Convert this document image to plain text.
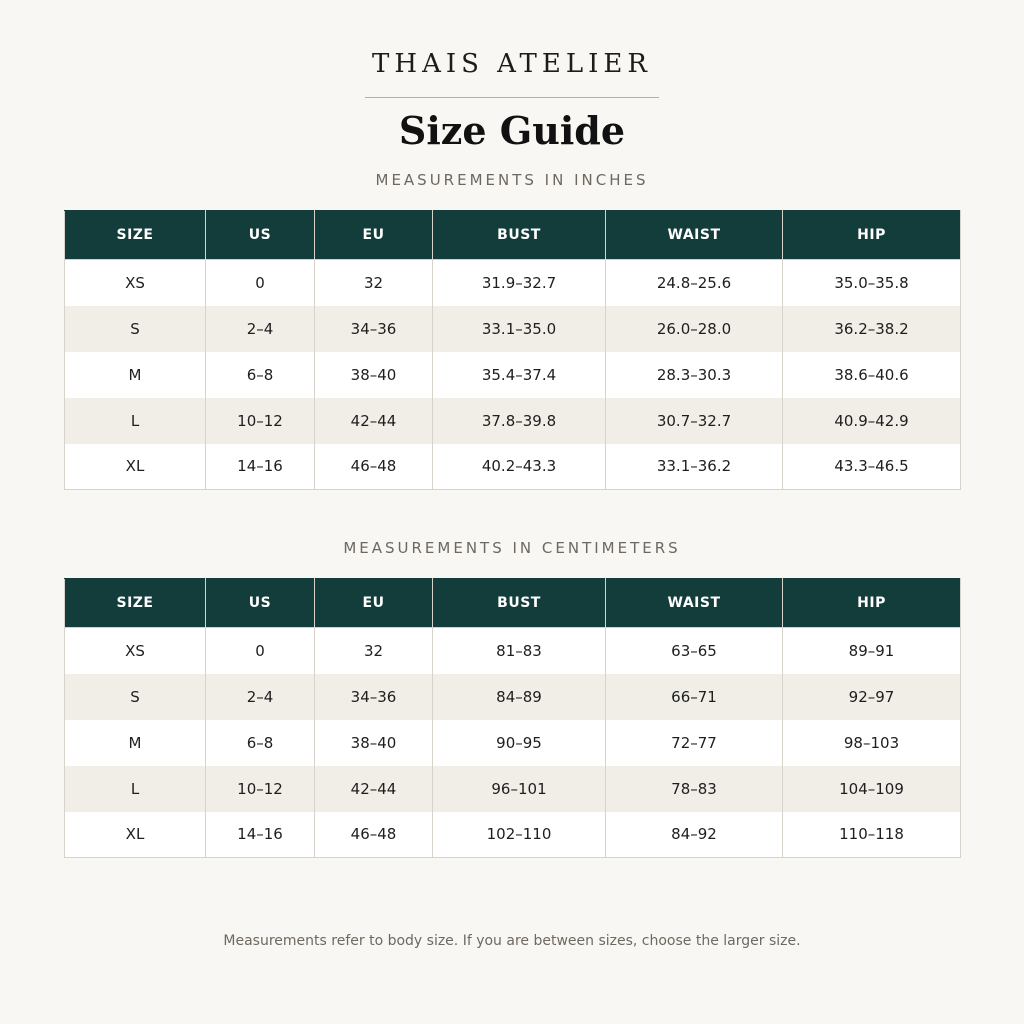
THAIS ATELIER
Size Guide
MEASUREMENTS IN INCHES
SIZE	US	EU	BUST	WAIST	HIP
XS	0	32	31.9–32.7	24.8–25.6	35.0–35.8
S	2–4	34–36	33.1–35.0	26.0–28.0	36.2–38.2
M	6–8	38–40	35.4–37.4	28.3–30.3	38.6–40.6
L	10–12	42–44	37.8–39.8	30.7–32.7	40.9–42.9
XL	14–16	46–48	40.2–43.3	33.1–36.2	43.3–46.5
MEASUREMENTS IN CENTIMETERS
SIZE	US	EU	BUST	WAIST	HIP
XS	0	32	81–83	63–65	89–91
S	2–4	34–36	84–89	66–71	92–97
M	6–8	38–40	90–95	72–77	98–103
L	10–12	42–44	96–101	78–83	104–109
XL	14–16	46–48	102–110	84–92	110–118

Measurements refer to body size. If you are between sizes, choose the larger size.
